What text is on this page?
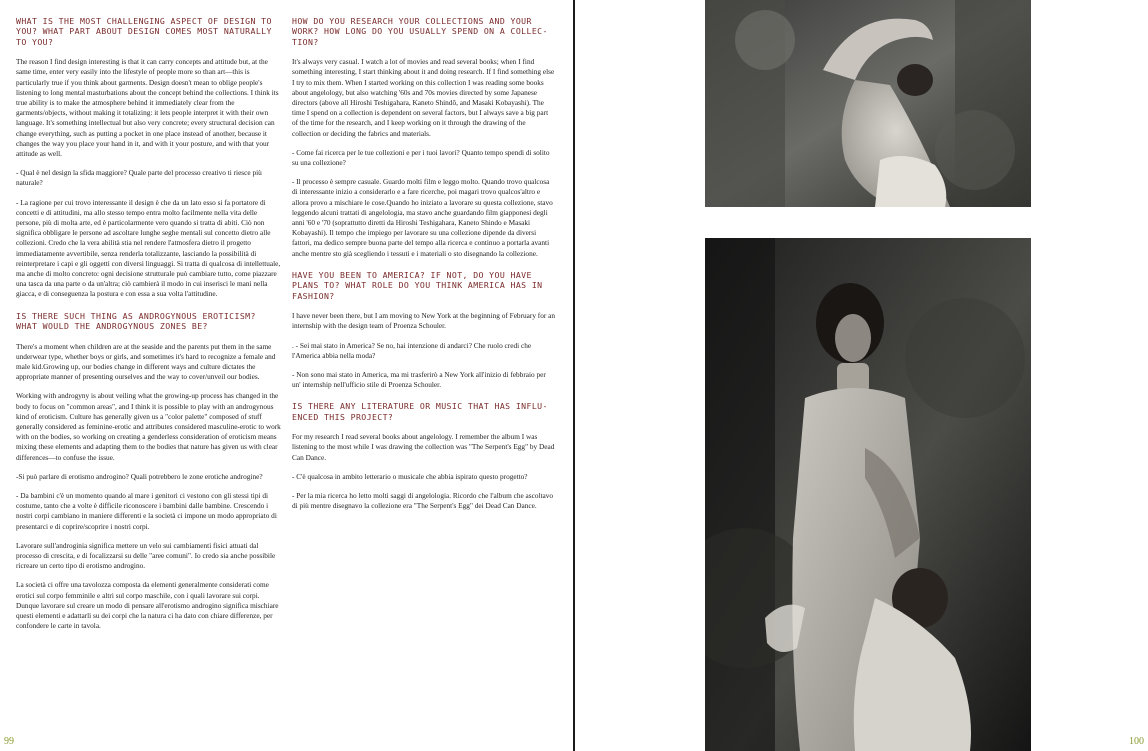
WHAT IS THE MOST CHALLENGING ASPECT OF DESIGN TO YOU? WHAT PART ABOUT DESIGN COMES MOST NATURALLY TO YOU?

The reason I find design interesting is that it can carry concepts and attitude but, at the same time, enter very easily into the lifestyle of people more so than art—this is particularly true if you think about garments. Design doesn't mean to oblige people's listening to long mental masturbations about the concept behind the collections. I think its true ability is to make the atmosphere behind it immediately clear from the garments/objects, without making it totalizing: it lets people interpret it with their own language. It's something intellectual but also very concrete; every structural decision can change everything, such as putting a pocket in one place instead of another, because it changes the way you place your hand in it, and with it your posture, and with that your attitude as well.

- Qual è nel design la sfida maggiore? Quale parte del processo creativo ti riesce più naturale?

- La ragione per cui trovo interessante il design è che da un lato esso si fa portatore di concetti e di attitudini, ma allo stesso tempo entra molto facilmente nella vita delle persone, più di molta arte, ed è particolarmente vero quando si tratta di abiti. Ciò non significa obbligare le persone ad ascoltare lunghe seghe mentali sul concetto dietro alle collezioni. Credo che la vera abilità stia nel rendere l'atmosfera dietro il progetto immediatamente avvertibile, senza renderla totalizzante, lasciando la possibilità di reinterpretare i capi e gli oggetti con diversi linguaggi. Si tratta di qualcosa di intellettuale, ma anche di molto concreto: ogni decisione strutturale può cambiare tutto, come piazzare una tasca da una parte o da un'altra; ciò cambierà il modo in cui inserisci le mani nella giacca, e di conseguenza la postura e con essa a sua volta l'attitudine.

IS THERE SUCH THING AS ANDROGYNOUS EROTICISM? WHAT WOULD THE ANDROGYNOUS ZONES BE?

There's a moment when children are at the seaside and the parents put them in the same underwear type, whether boys or girls, and sometimes it's hard to recognize a female and male kid.Growing up, our bodies change in different ways and culture dictates the appropriate manner of presenting ourselves and the way to cover/unveil our bodies.

Working with androgyny is about veiling what the growing-up process has changed in the body to focus on "common areas", and I think it is possible to play with an androgynous kind of eroticism. Culture has generally given us a "color palette" composed of stuff generally considered as feminine-erotic and attributes considered masculine-erotic to work with on the bodies, so working on creating a genderless consideration of eroticism means mixing these elements and adapting them to the bodies that nature has given us with clear differences—to confuse the issue.

-Si può parlare di erotismo androgino? Quali potrebbero le zone erotiche androgine?

- Da bambini c'è un momento quando al mare i genitori ci vestono con gli stessi tipi di costume, tanto che a volte è difficile riconoscere i bambini dalle bambine. Crescendo i nostri corpi cambiano in maniere differenti e la società ci impone un modo appropriato di presentarci e di coprire/scoprire i nostri corpi.

Lavorare sull'androginia significa mettere un velo sui cambiamenti fisici attuati dal processo di crescita, e di focalizzarsi su delle "aree comuni". Io credo sia anche possibile ricreare un certo tipo di erotismo androgino.

La società ci offre una tavolozza composta da elementi generalmente considerati come erotici sul corpo femminile e altri sul corpo maschile, con i quali lavorare sui corpi. Dunque lavorare sul creare un modo di pensare all'erotismo androgino significa mischiare questi elementi e adattarli su dei corpi che la natura ci ha dato con chiare differenze, per confondere le carte in tavola.

HOW DO YOU RESEARCH YOUR COLLECTIONS AND YOUR WORK? HOW LONG DO YOU USUALLY SPEND ON A COLLEC-TION?

It's always very casual. I watch a lot of movies and read several books; when I find something interesting, I start thinking about it and doing research. If I find something else I try to mix them. When I started working on this collection I was reading some books about angelology, but also watching '60s and 70s movies directed by some Japanese directors (above all Hiroshi Teshigahara, Kaneto Shindō, and Masaki Kobayashi). The time I spend on a collection is dependent on several factors, but I always save a big part of the time for the research, and I keep working on it through the drawing of the collection or deciding the fabrics and materials.

- Come fai ricerca per le tue collezioni e per i tuoi lavori? Quanto tempo spendi di solito su una collezione?

- Il processo è sempre casuale. Guardo molti film e leggo molto. Quando trovo qualcosa di interessante inizio a considerarlo e a fare ricerche, poi magari trovo qualcos'altro e allora provo a mischiare le cose.Quando ho iniziato a lavorare su questa collezione, stavo leggendo alcuni trattati di angelologia, ma stavo anche guardando film giapponesi degli anni '60 e '70 (soprattutto diretti da Hiroshi Teshigahara, Kaneto Shindo e Masaki Kobayashi). Il tempo che impiego per lavorare su una collezione dipende da diversi fattori, ma dedico sempre buona parte del tempo alla ricerca e continuo a portarla avanti anche mentre sto già scegliendo i tessuti e i materiali o sto disegnando la collezione.

HAVE YOU BEEN TO AMERICA? IF NOT, DO YOU HAVE PLANS TO? WHAT ROLE DO YOU THINK AMERICA HAS IN FASHION?

I have never been there, but I am moving to New York at the beginning of February for an internship with the design team of Proenza Schouler.

. - Sei mai stato in America? Se no, hai intenzione di andarci? Che ruolo credi che l'America abbia nella moda?

- Non sono mai stato in America, ma mi trasferirò a New York all'inizio di febbraio per un' internship nell'ufficio stile di Proenza Schouler.

IS THERE ANY LITERATURE OR MUSIC THAT HAS INFLU-ENCED THIS PROJECT?

For my research I read several books about angelology. I remember the album I was listening to the most while I was drawing the collection was "The Serpent's Egg" by Dead Can Dance.

- C'è qualcosa in ambito letterario o musicale che abbia ispirato questo progetto?

- Per la mia ricerca ho letto molti saggi di angelologia. Ricordo che l'album che ascoltavo di più mentre disegnavo la collezione era "The Serpent's Egg" dei Dead Can Dance.

99	100
